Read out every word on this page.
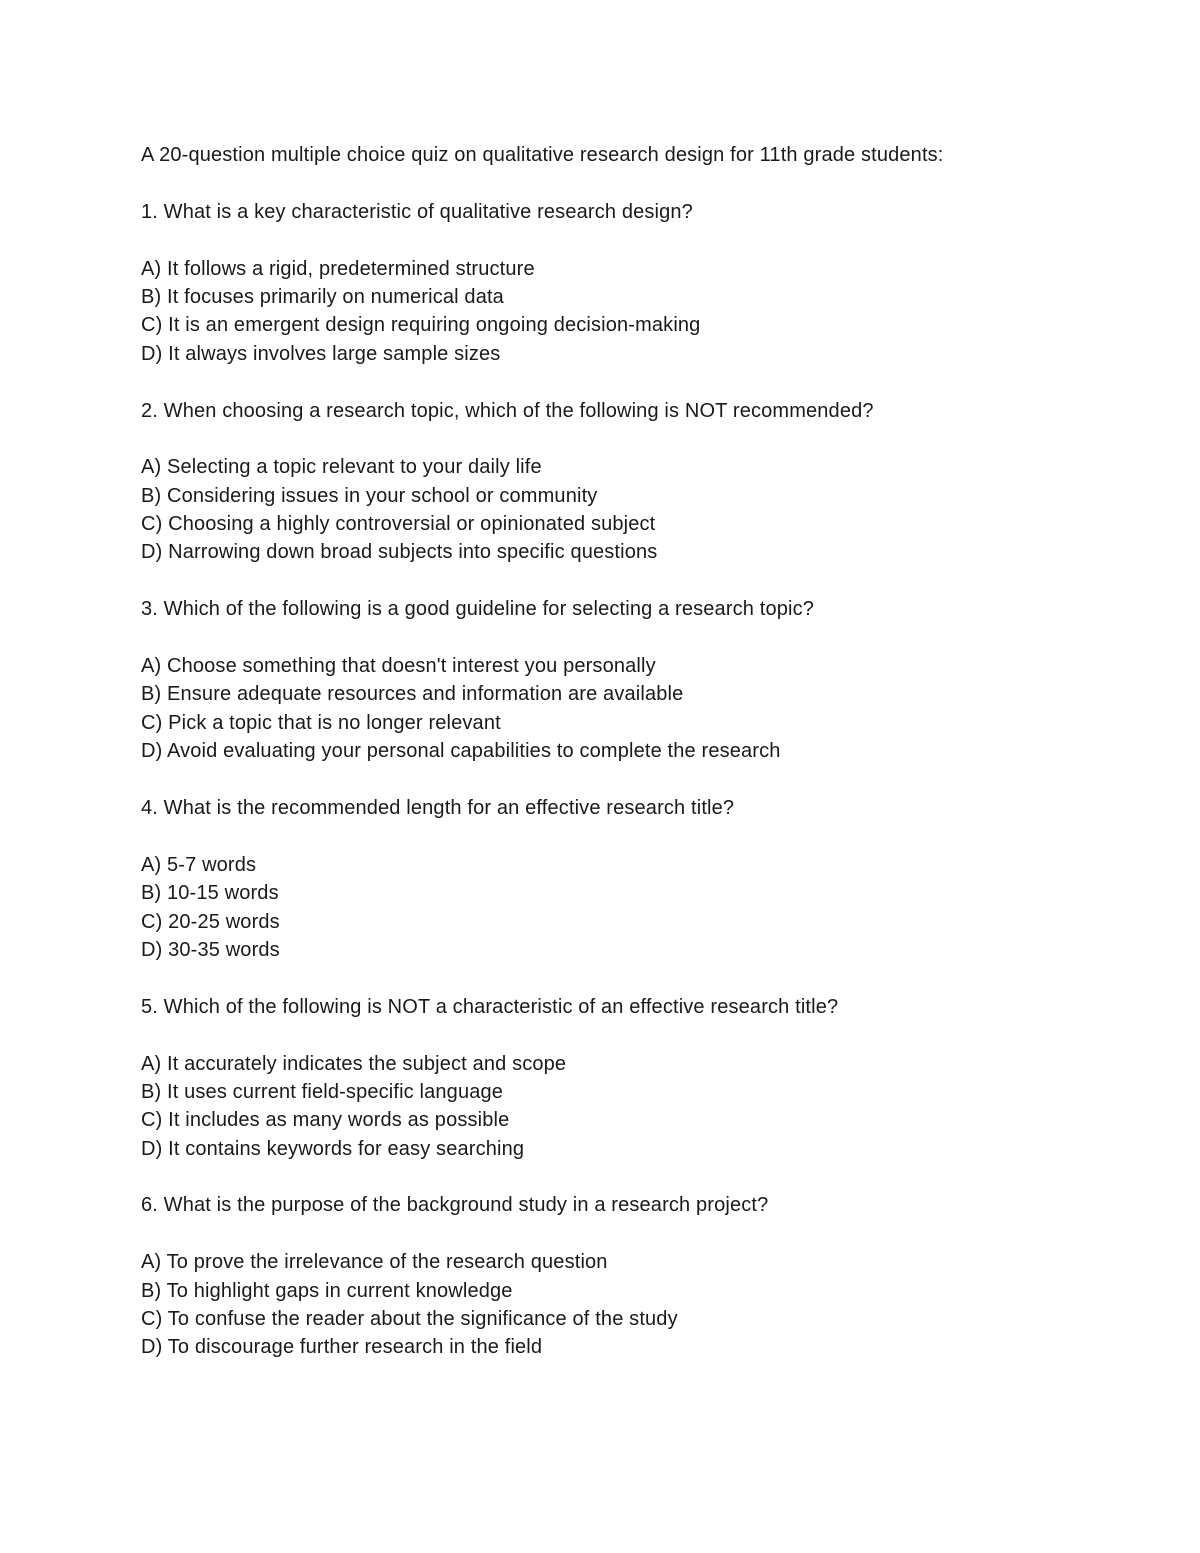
A 20-question multiple choice quiz on qualitative research design for 11th grade students:

1. What is a key characteristic of qualitative research design?

A) It follows a rigid, predetermined structure

B) It focuses primarily on numerical data

C) It is an emergent design requiring ongoing decision-making

D) It always involves large sample sizes

2. When choosing a research topic, which of the following is NOT recommended?

A) Selecting a topic relevant to your daily life

B) Considering issues in your school or community

C) Choosing a highly controversial or opinionated subject

D) Narrowing down broad subjects into specific questions

3. Which of the following is a good guideline for selecting a research topic?

A) Choose something that doesn't interest you personally

B) Ensure adequate resources and information are available

C) Pick a topic that is no longer relevant

D) Avoid evaluating your personal capabilities to complete the research

4. What is the recommended length for an effective research title?

A) 5-7 words

B) 10-15 words

C) 20-25 words

D) 30-35 words

5. Which of the following is NOT a characteristic of an effective research title?

A) It accurately indicates the subject and scope

B) It uses current field-specific language

C) It includes as many words as possible

D) It contains keywords for easy searching

6. What is the purpose of the background study in a research project?

A) To prove the irrelevance of the research question

B) To highlight gaps in current knowledge

C) To confuse the reader about the significance of the study

D) To discourage further research in the field
